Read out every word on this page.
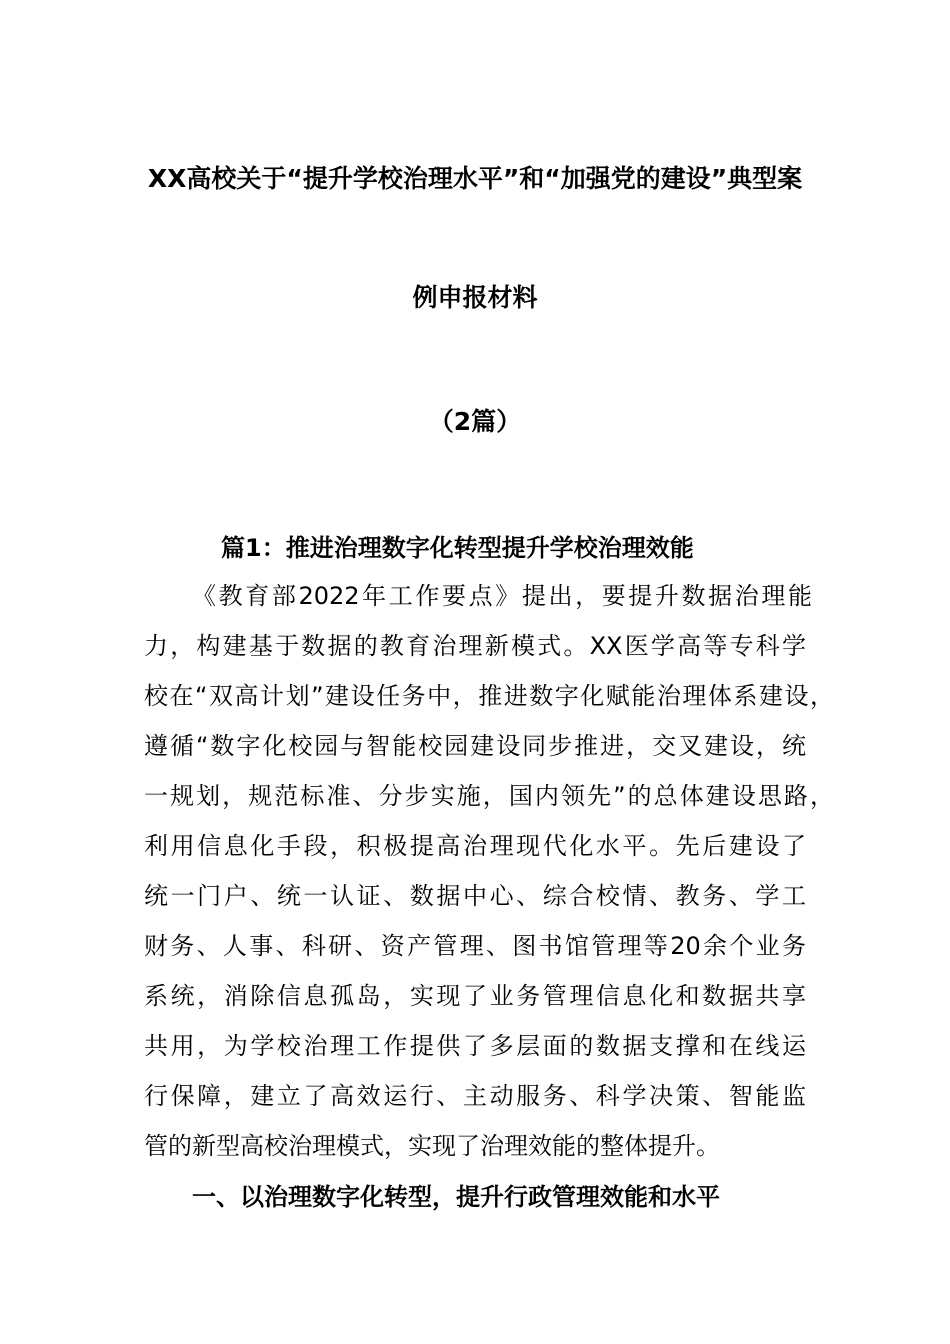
XX高校关于“提升学校治理水平”和“加强党的建设”典型案
例申报材料
（2篇）
篇1：推进治理数字化转型提升学校治理效能
《教育部2022年工作要点》提出，要提升数据治理能
力，构建基于数据的教育治理新模式。XX医学高等专科学
校在“双高计划”建设任务中，推进数字化赋能治理体系建设，
遵循“数字化校园与智能校园建设同步推进，交叉建设，统
一规划，规范标准、分步实施，国内领先”的总体建设思路，
利用信息化手段，积极提高治理现代化水平。先后建设了
统一门户、统一认证、数据中心、综合校情、教务、学工
财务、人事、科研、资产管理、图书馆管理等20余个业务
系统，消除信息孤岛，实现了业务管理信息化和数据共享
共用，为学校治理工作提供了多层面的数据支撑和在线运
行保障，建立了高效运行、主动服务、科学决策、智能监
管的新型高校治理模式，实现了治理效能的整体提升。
一、以治理数字化转型，提升行政管理效能和水平
